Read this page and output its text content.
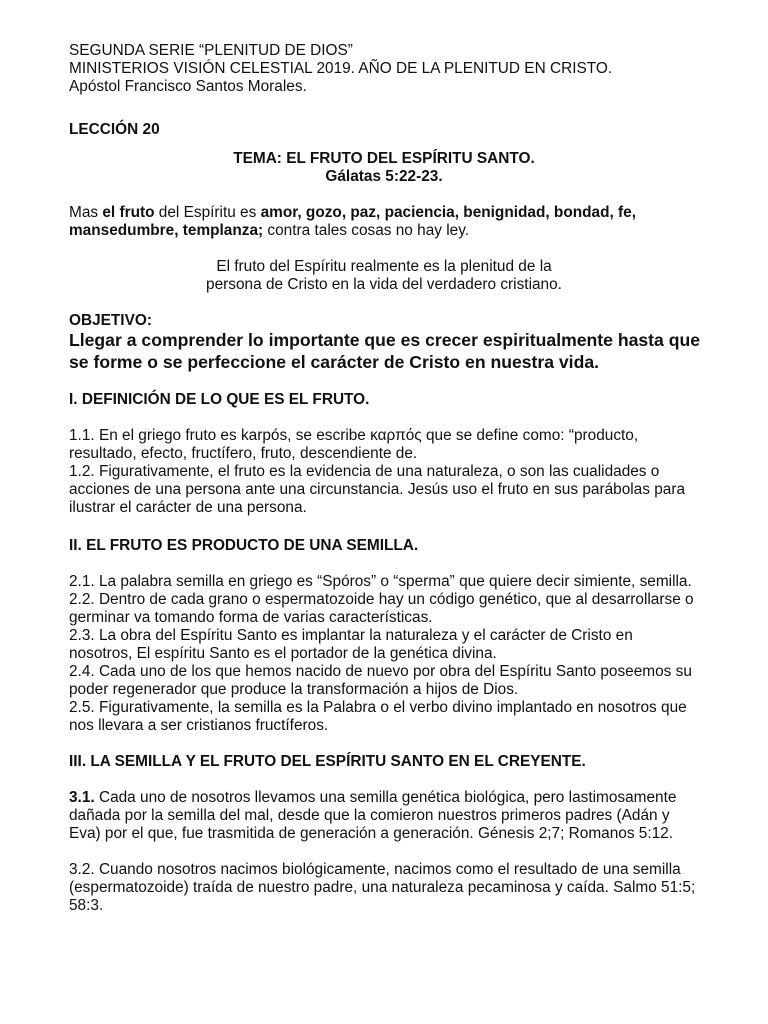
SEGUNDA SERIE “PLENITUD DE DIOS”

MINISTERIOS VISIÓN CELESTIAL 2019. AÑO DE LA PLENITUD EN CRISTO.

Apóstol Francisco Santos Morales.

LECCIÓN 20

TEMA: EL FRUTO DEL ESPÍRITU SANTO.

Gálatas 5:22-23.

Mas el fruto del Espíritu es amor, gozo, paz, paciencia, benignidad, bondad, fe, mansedumbre, templanza; contra tales cosas no hay ley.

El fruto del Espíritu realmente es la plenitud de la

persona de Cristo en la vida del verdadero cristiano.

OBJETIVO:

Llegar a comprender lo importante que es crecer espiritualmente hasta que se forme o se perfeccione el carácter de Cristo en nuestra vida.

I. DEFINICIÓN DE LO QUE ES EL FRUTO.

1.1. En el griego fruto es karpós, se escribe καρπός que se define como: “producto, resultado, efecto, fructífero, fruto, descendiente de.

1.2. Figurativamente, el fruto es la evidencia de una naturaleza, o son las cualidades o acciones de una persona ante una circunstancia. Jesús uso el fruto en sus parábolas para ilustrar el carácter de una persona.

II. EL FRUTO ES PRODUCTO DE UNA SEMILLA.

2.1. La palabra semilla en griego es “Spóros” o “sperma” que quiere decir simiente, semilla.

2.2. Dentro de cada grano o espermatozoide hay un código genético, que al desarrollarse o germinar va tomando forma de varias características.

2.3. La obra del Espíritu Santo es implantar la naturaleza y el carácter de Cristo en nosotros, El espíritu Santo es el portador de la genética divina.

2.4. Cada uno de los que hemos nacido de nuevo por obra del Espíritu Santo poseemos su poder regenerador que produce la transformación a hijos de Dios.

2.5. Figurativamente, la semilla es la Palabra o el verbo divino implantado en nosotros que nos llevara a ser cristianos fructíferos.

III. LA SEMILLA Y EL FRUTO DEL ESPÍRITU SANTO EN EL CREYENTE.

3.1. Cada uno de nosotros llevamos una semilla genética biológica, pero lastimosamente dañada por la semilla del mal, desde que la comieron nuestros primeros padres (Adán y Eva) por el que, fue trasmitida de generación a generación. Génesis 2;7; Romanos 5:12.

3.2. Cuando nosotros nacimos biológicamente, nacimos como el resultado de una semilla (espermatozoide) traída de nuestro padre, una naturaleza pecaminosa y caída. Salmo 51:5; 58:3.
